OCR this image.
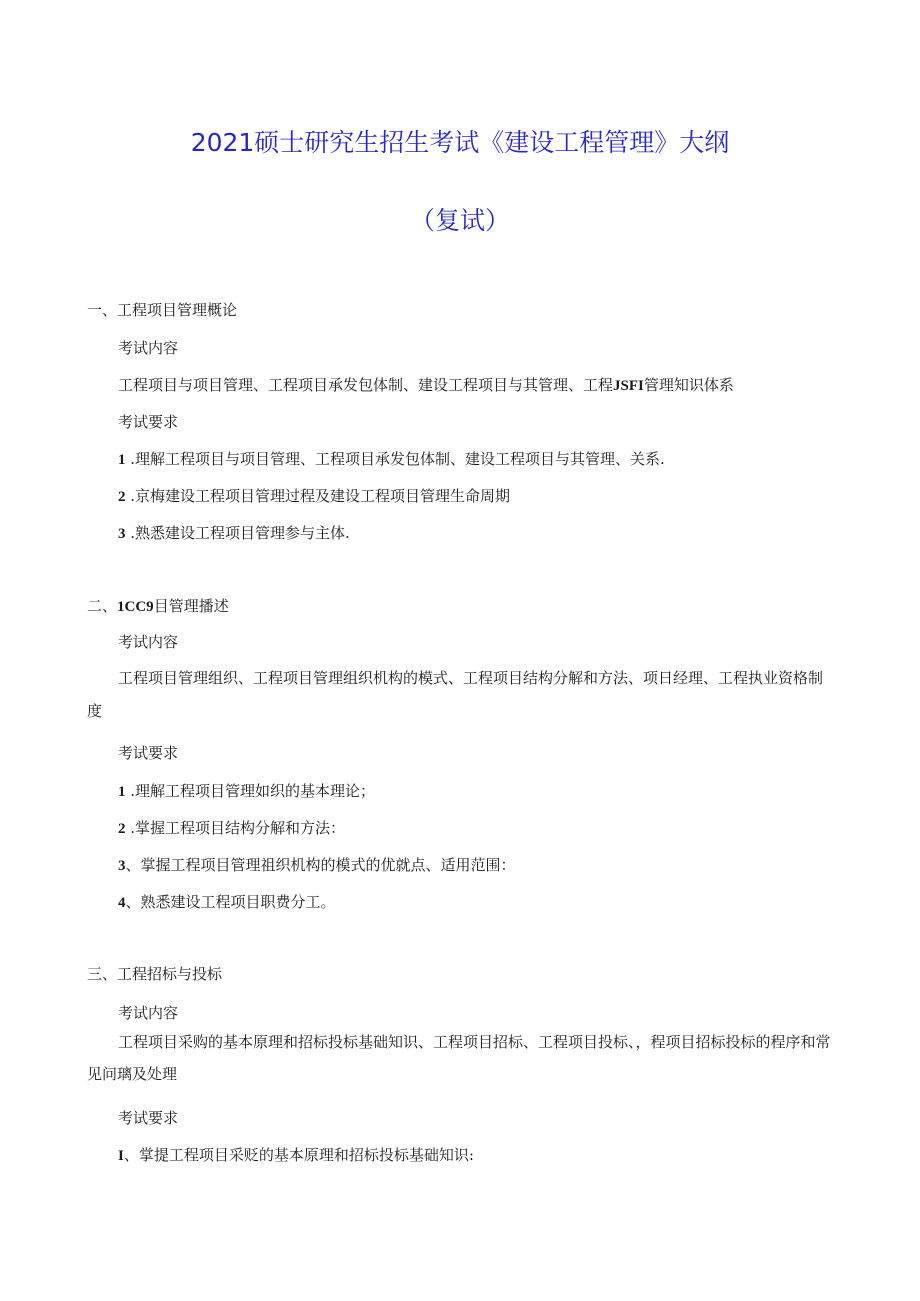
2021硕士研究生招生考试《建设工程管理》大纲
（复试）
一、工程项目管理概论
考试内容
工程项目与项目管理、工程项目承发包体制、建设工程项目与其管理、工程JSFI管理知识体系
考试要求
1 .理解工程项目与项目管理、工程项目承发包体制、建设工程项目与其管理、关系.
2 .京梅建设工程项目管理过程及建设工程项目管理生命周期
3 .熟悉建设工程项目管理参与主体.
二、1CC9目管理播述
考试内容
工程项目管理组织、工程项目管理组织机构的模式、工程项目结构分解和方法、项日经理、工程执业资格制度
考试要求
1 .理解工程项目管理如织的基本理论；
2 .掌握工程项目结构分解和方法：
3、掌握工程项目管理祖织机构的模式的优就点、适用范围：
4、熟悉建设工程项目职费分工。
三、工程招标与投标
考试内容
工程项目采购的基本原理和招标投标基础知识、工程项目招标、工程项目投标、，程项目招标投标的程序和常见问璃及处理
考试要求
I、掌提工程项目采贬的基本原理和招标投标基础知识:
